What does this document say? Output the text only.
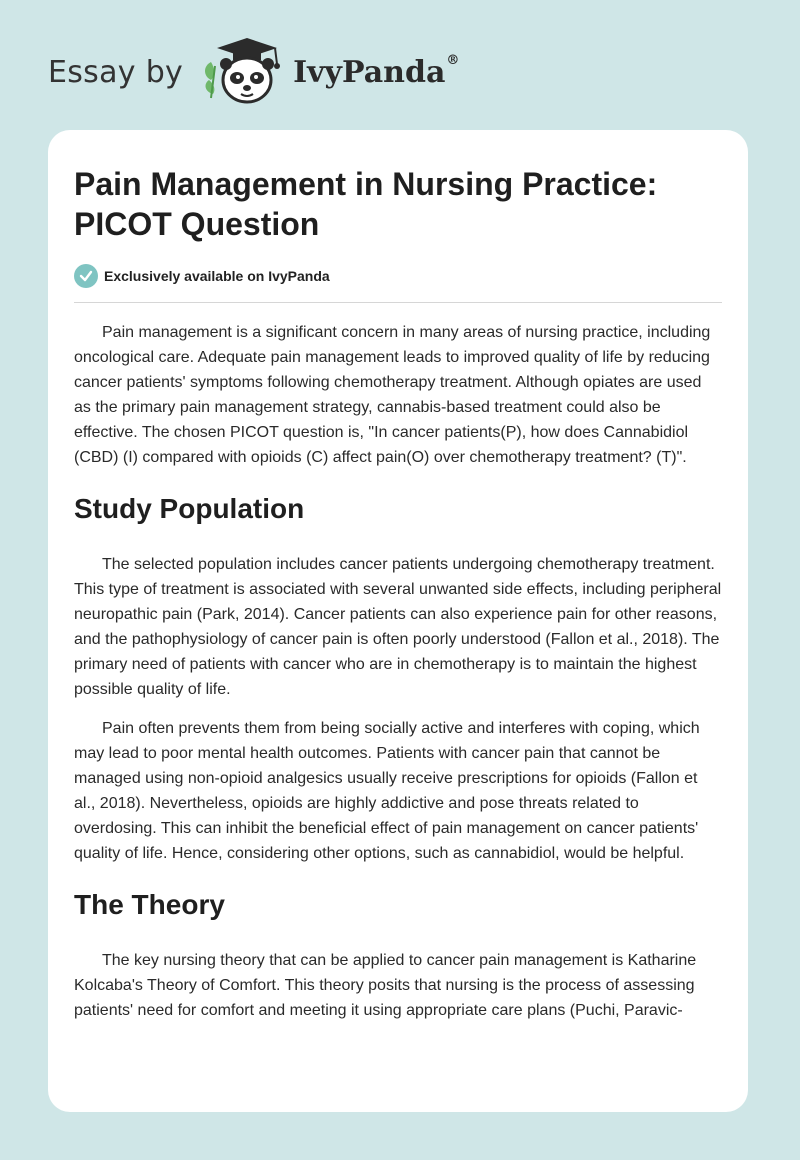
Essay by	IvyPanda®
Pain Management in Nursing Practice: PICOT Question
Exclusively available on IvyPanda

Pain management is a significant concern in many areas of nursing practice, including oncological care. Adequate pain management leads to improved quality of life by reducing cancer patients' symptoms following chemotherapy treatment. Although opiates are used as the primary pain management strategy, cannabis-based treatment could also be effective. The chosen PICOT question is, "In cancer patients(P), how does Cannabidiol (CBD) (I) compared with opioids (C) affect pain(O) over chemotherapy treatment? (T)".

Study Population

The selected population includes cancer patients undergoing chemotherapy treatment. This type of treatment is associated with several unwanted side effects, including peripheral neuropathic pain (Park, 2014). Cancer patients can also experience pain for other reasons, and the pathophysiology of cancer pain is often poorly understood (Fallon et al., 2018). The primary need of patients with cancer who are in chemotherapy is to maintain the highest possible quality of life.

Pain often prevents them from being socially active and interferes with coping, which may lead to poor mental health outcomes. Patients with cancer pain that cannot be managed using non-opioid analgesics usually receive prescriptions for opioids (Fallon et al., 2018). Nevertheless, opioids are highly addictive and pose threats related to overdosing. This can inhibit the beneficial effect of pain management on cancer patients' quality of life. Hence, considering other options, such as cannabidiol, would be helpful.

The Theory

The key nursing theory that can be applied to cancer pain management is Katharine Kolcaba's Theory of Comfort. This theory posits that nursing is the process of assessing patients' need for comfort and meeting it using appropriate care plans (Puchi, Paravic-
